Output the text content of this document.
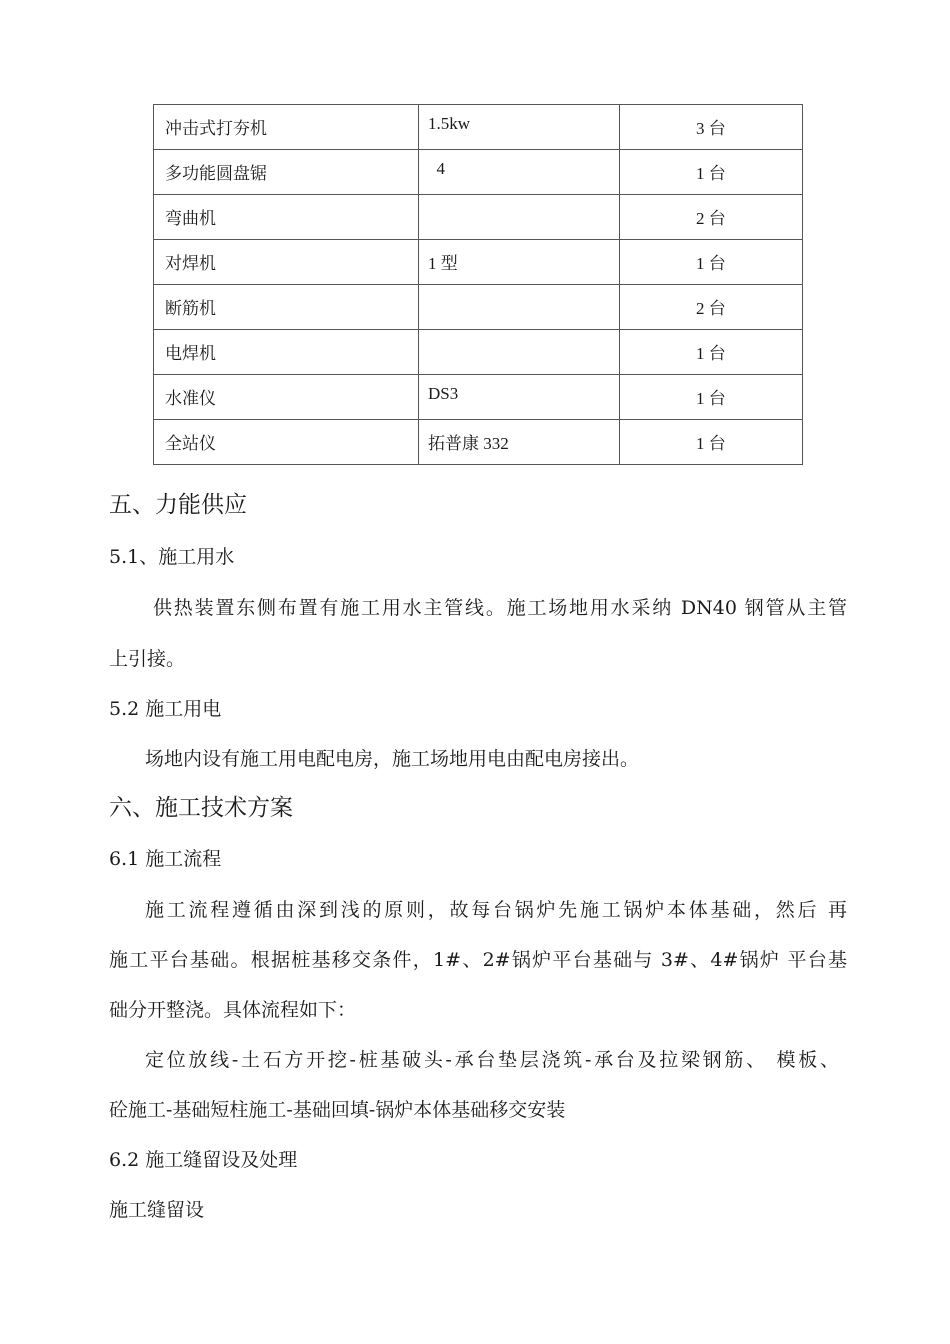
冲击式打夯机	1.5kw	3 台

多功能圆盘锯	4	1 台

弯曲机		2 台

对焊机	1 型	1 台

断筋机		2 台

电焊机		1 台

水准仪	DS3	1 台

全站仪	拓普康 332	1 台
五、力能供应
5.1、施工用水
供热装置东侧布置有施工用水主管线。施工场地用水采纳 DN40 钢管从主管
上引接。
5.2 施工用电
场地内设有施工用电配电房，施工场地用电由配电房接出。
六、施工技术方案
6.1 施工流程
施工流程遵循由深到浅的原则，故每台锅炉先施工锅炉本体基础，然后 再
施工平台基础。根据桩基移交条件，1#、2#锅炉平台基础与 3#、4#锅炉 平台基
础分开整浇。具体流程如下：
定位放线-土石方开挖-桩基破头-承台垫层浇筑-承台及拉梁钢筋、 模板、
砼施工-基础短柱施工-基础回填-锅炉本体基础移交安装
6.2 施工缝留设及处理
施工缝留设
